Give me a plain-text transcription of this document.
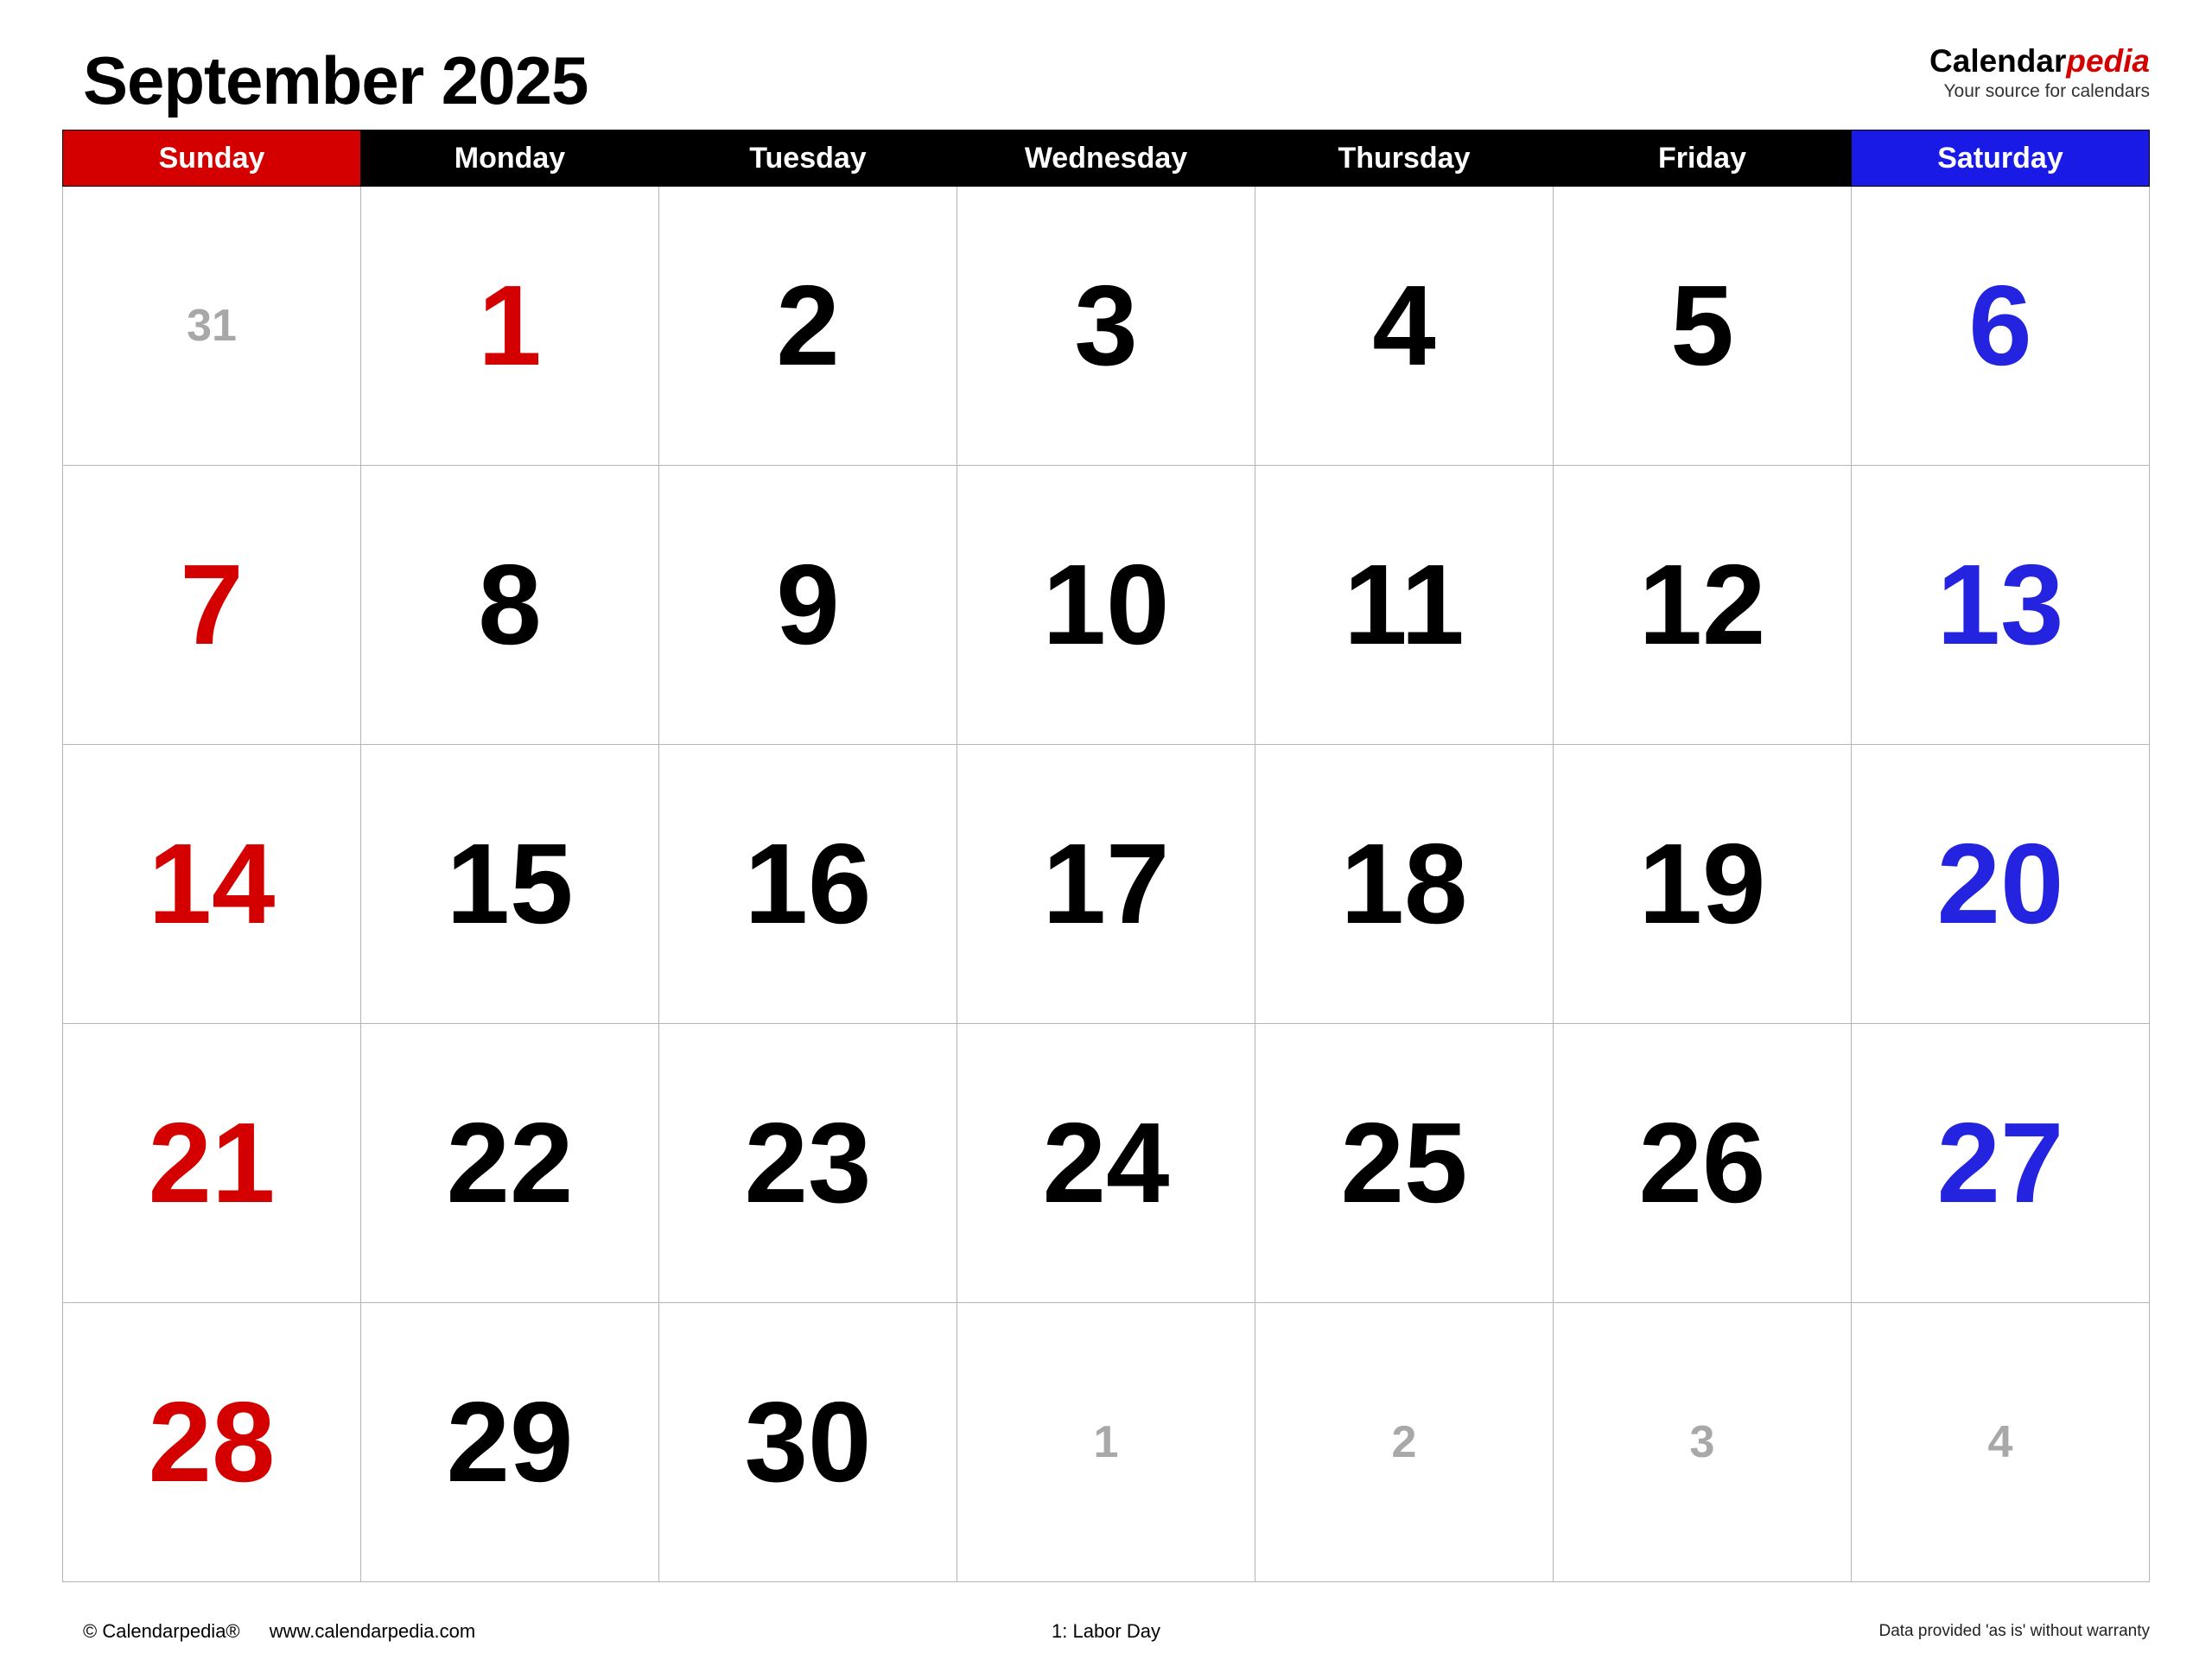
September 2025	Calendarpedia
Your source for calendars
Sunday	Monday	Tuesday	Wednesday	Thursday	Friday	Saturday

31	1	2	3	4	5	6

7	8	9	10	11	12	13

14	15	16	17	18	19	20

21	22	23	24	25	26	27

28	29	30	1	2	3	4
© Calendarpedia® www.calendarpedia.com	1: Labor Day	Data provided 'as is' without warranty
